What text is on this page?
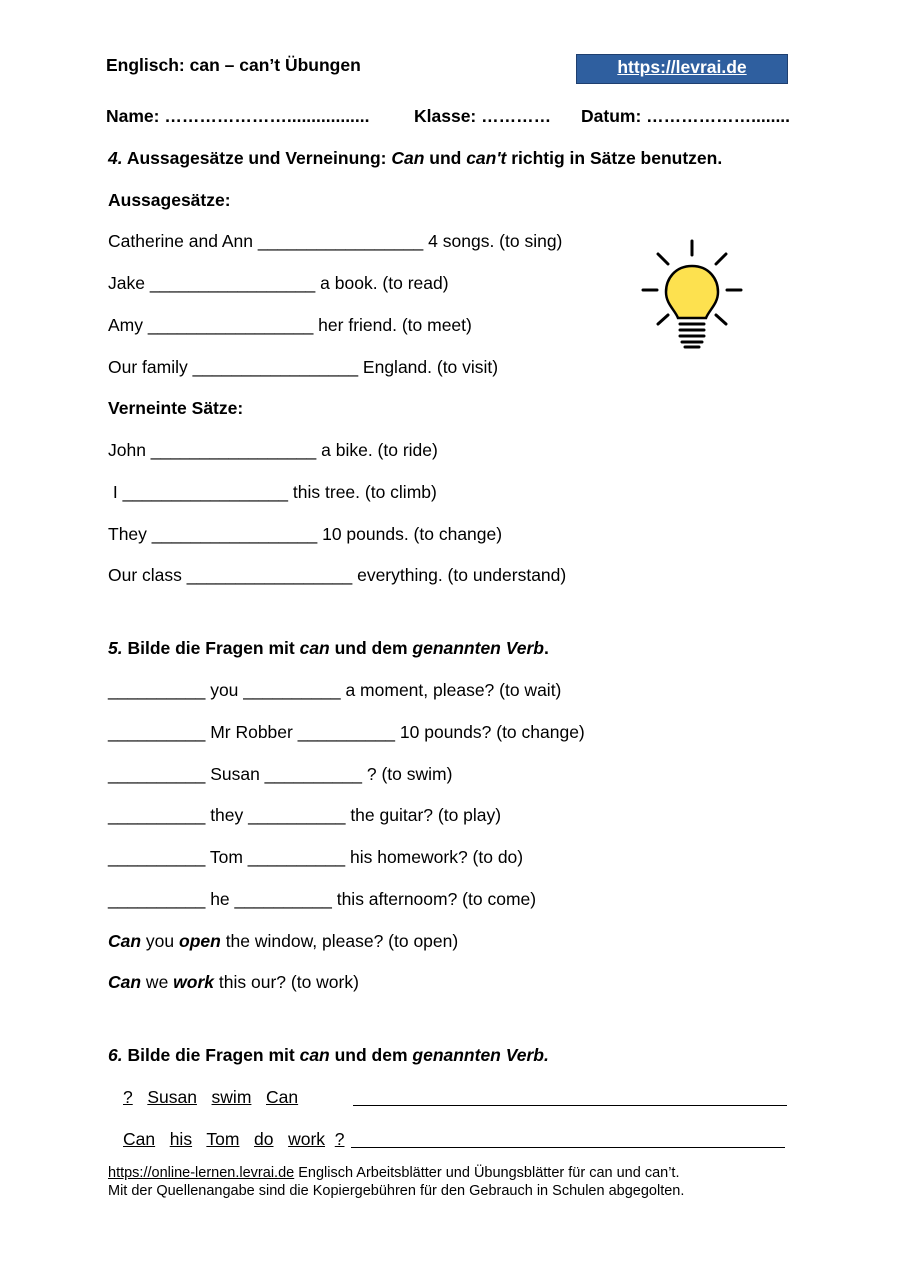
Englisch: can – can’t Übungen	https://levrai.de
Name: ………………….................	Klasse: ………… Datum: ………………........
4. Aussagesätze und Verneinung: Can und can't richtig in Sätze benutzen.
Aussagesätze:
Catherine and Ann _________________ 4 songs. (to sing)
Jake _________________ a book. (to read)
Amy _________________ her friend. (to meet)
Our family _________________ England. (to visit)
Verneinte Sätze:
John _________________ a bike. (to ride)
I _________________ this tree. (to climb)
They _________________ 10 pounds. (to change)
Our class _________________ everything. (to understand)
5. Bilde die Fragen mit can und dem genannten Verb.
__________ you __________ a moment, please? (to wait)
__________ Mr Robber __________ 10 pounds? (to change)
__________ Susan __________ ? (to swim)
__________ they __________ the guitar? (to play)
__________ Tom __________ his homework? (to do)
__________ he __________ this afternoom? (to come)
Can you open the window, please? (to open)
Can we work this our? (to work)
6. Bilde die Fragen mit can und dem genannten Verb.
? Susan swim Can
Can his Tom do work ?
https://online-lernen.levrai.de Englisch Arbeitsblätter und Übungsblätter für can und can’t.
Mit der Quellenangabe sind die Kopiergebühren für den Gebrauch in Schulen abgegolten.
